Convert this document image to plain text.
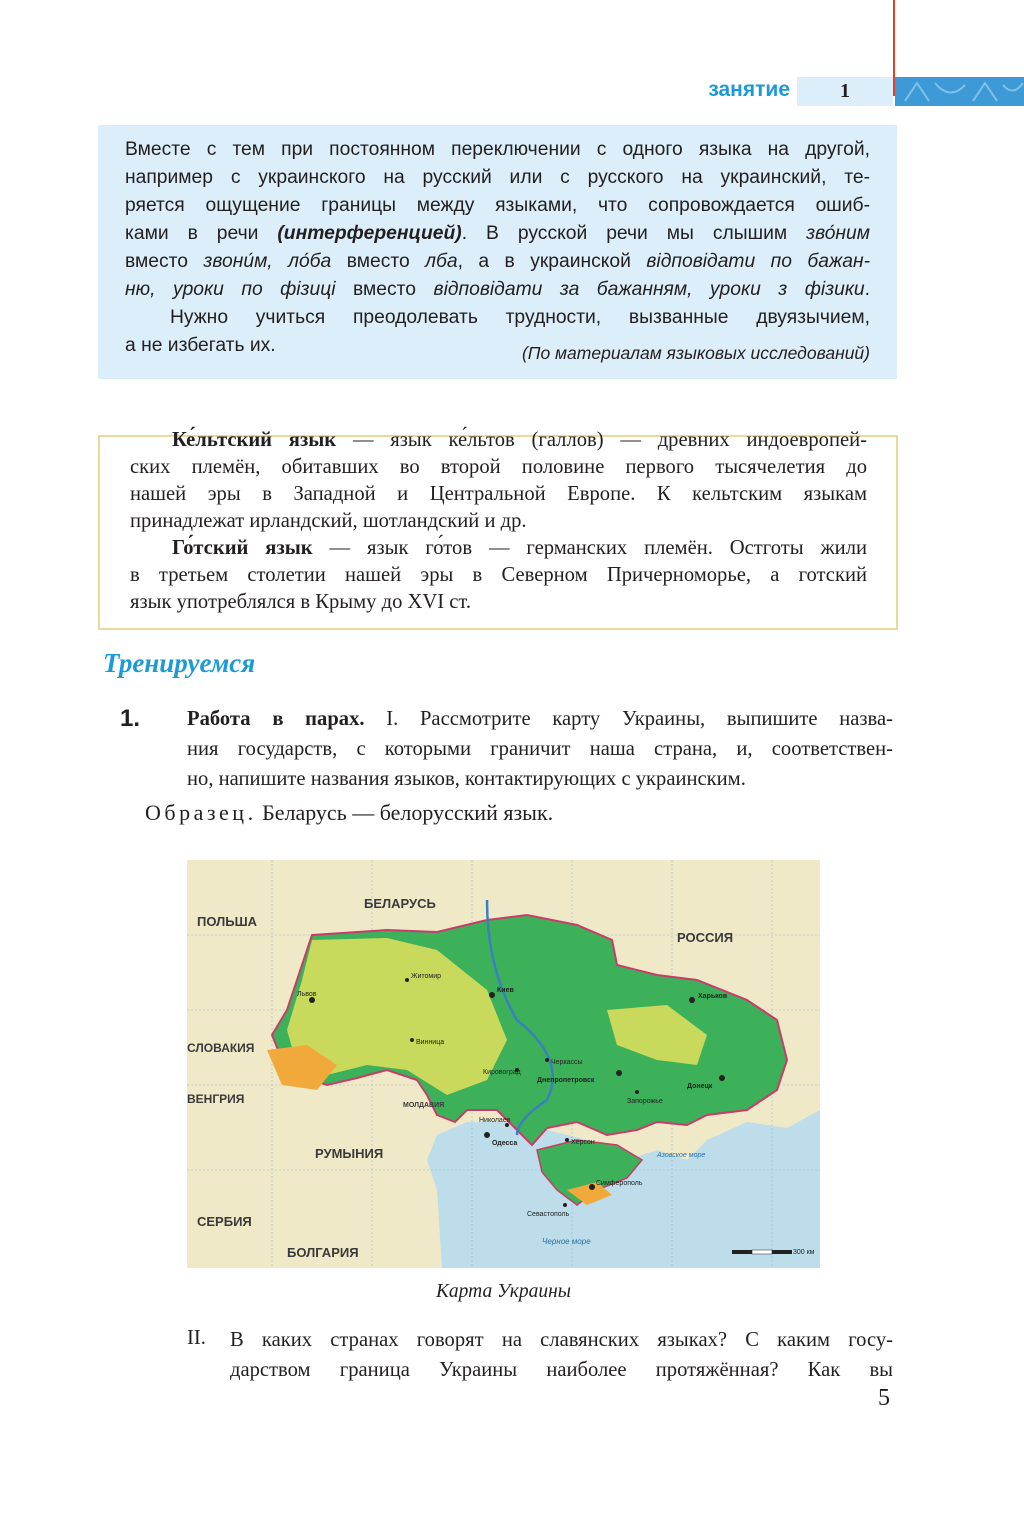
занятие	1
Вместе с тем при постоянном переключении с одного языка на другой,
например с украинского на русский или с русского на украинский, те-
ряется ощущение границы между языками, что сопровождается ошиб-
ками в речи (интерференцией). В русской речи мы слышим зво́ним
вместо звони́м, ло́ба вместо лба, а в украинской відповідати по бажан-
ню, уроки по фізиці вместо відповідати за бажанням, уроки з фізики.
Нужно учиться преодолевать трудности, вызванные двуязычием,
а не избегать их.	(По материалам языковых исследований)
Ке́льтский язык — язык ке́льтов (галлов) — древних индоевропей-
ских племён, обитавших во второй половине первого тысячелетия до
нашей эры в Западной и Центральной Европе. К кельтским языкам
принадлежат ирландский, шотландский и др.
Го́тский язык — язык го́тов — германских племён. Остготы жили
в третьем столетии нашей эры в Северном Причерноморье, а готский
язык употреблялся в Крыму до XVI ст.
Тренируемся
1. Работа в парах. I. Рассмотрите карту Украины, выпишите назва-
ния государств, с которыми граничит наша страна, и, соответствен-
но, напишите названия языков, контактирующих с украинским.
Образец. Беларусь — белорусский язык.
БЕЛАРУСЬ
ПОЛЬША
РОССИЯ
СЛОВАКИЯ
ВЕНГРИЯ
РУМЫНИЯ
СЕРБИЯ
БОЛГАРИЯ
МОЛДАВИЯ
Черное море
Азовское море
Киев
Харьков
Днепропетровск
Одесса
Донецк
Львов
Житомир
Винница
Черкассы
Кировоград
Николаев
Херсон
Запорожье
Симферополь
Севастополь
300 км
Карта Украины
II. В каких странах говорят на славянских языках? С каким госу-
дарством граница Украины наиболее протяжённая? Как вы
5
